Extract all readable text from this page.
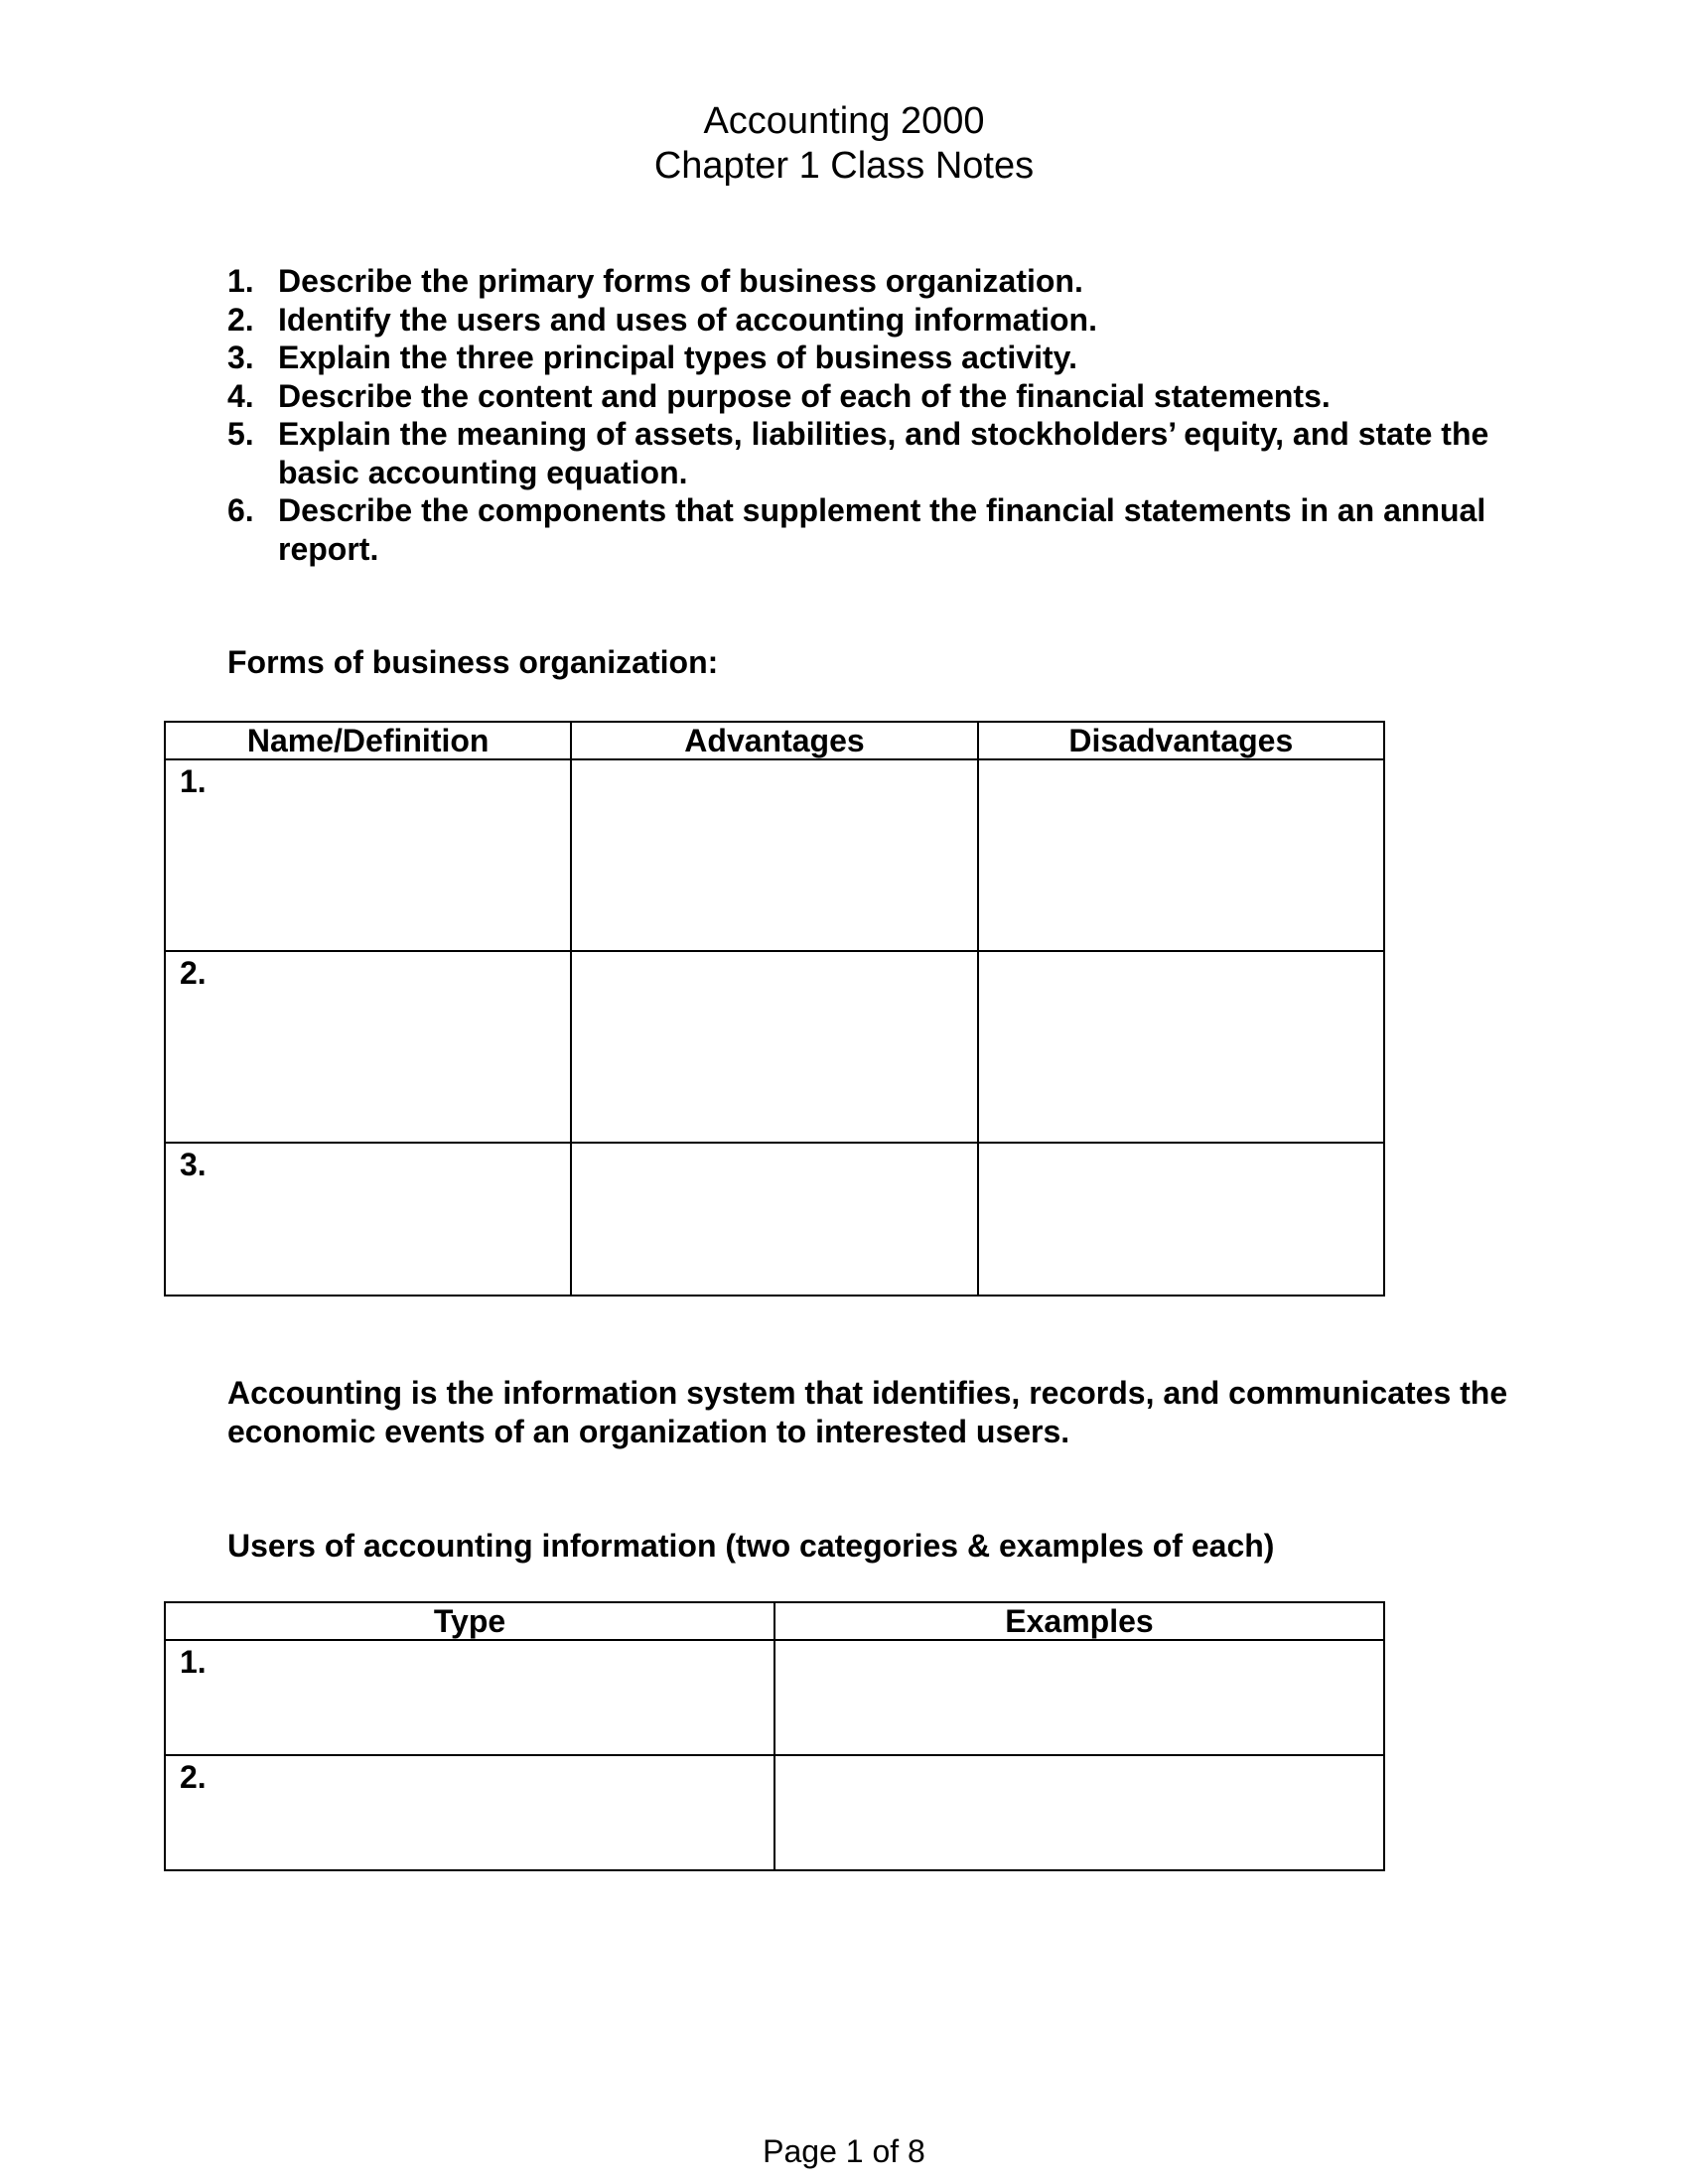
Accounting 2000
Chapter 1 Class Notes
1. Describe the primary forms of business organization.
2. Identify the users and uses of accounting information.
3. Explain the three principal types of business activity.
4. Describe the content and purpose of each of the financial statements.
5. Explain the meaning of assets, liabilities, and stockholders’ equity, and state the basic accounting equation.
6. Describe the components that supplement the financial statements in an annual report.

Forms of business organization:

Name/Definition	Advantages	Disadvantages

1.		

2.		

3.		

Accounting is the information system that identifies, records, and communicates the economic events of an organization to interested users.

Users of accounting information (two categories & examples of each)

Type	Examples

1.	

2.	

Page 1 of 8
